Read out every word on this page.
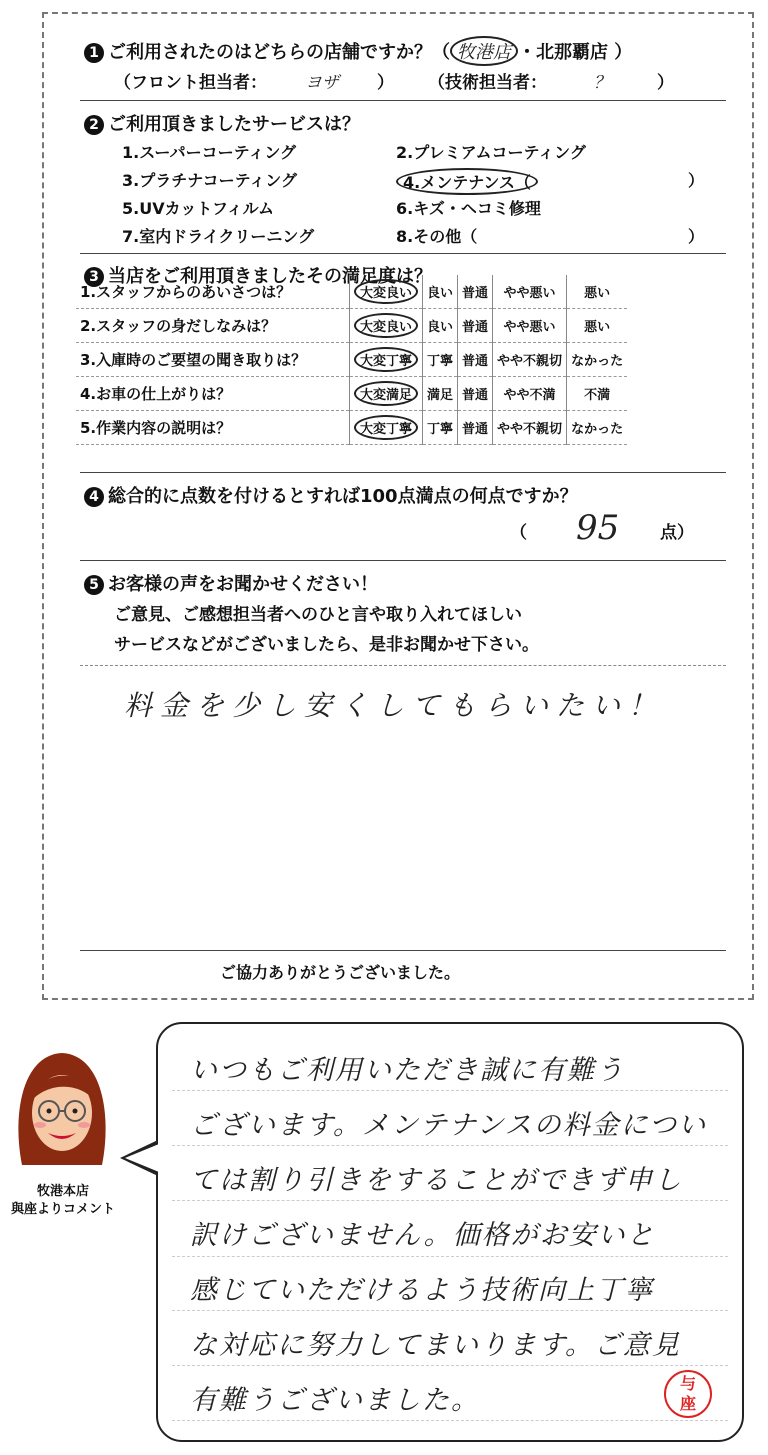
1 ご利用されたのはどちらの店舗ですか？（ 牧港店 ・北那覇店 ）
（フロント担当者： ヨザ ） （技術担当者：	？	）
2 ご利用頂きましたサービスは？
1.スーパーコーティング	2.プレミアムコーティング
3.プラチナコーティング	4.メンテナンス（	）
5.UVカットフィルム	6.キズ・ヘコミ修理
7.室内ドライクリーニング	8.その他（	）
3 当店をご利用頂きましたその満足度は？
1.スタッフからのあいさつは？	大変良い	良い	普通	やや悪い	悪い
2.スタッフの身だしなみは？	大変良い	良い	普通	やや悪い	悪い
3.入庫時のご要望の聞き取りは？	大変丁寧	丁寧	普通	やや不親切	なかった
4.お車の仕上がりは？	大変満足	満足	普通	やや不満	不満
5.作業内容の説明は？	大変丁寧	丁寧	普通	やや不親切	なかった
4 総合的に点数を付けるとすれば100点満点の何点ですか？
（ 95 点）
5 お客様の声をお聞かせください！
ご意見、ご感想担当者へのひと言や取り入れてほしい
サービスなどがございましたら、是非お聞かせ下さい。
料金を少し安くしてもらいたい！
ご協力ありがとうございました。
牧港本店
與座よりコメント
いつもご利用いただき誠に有難う
ございます。メンテナンスの料金につい
ては割り引きをすることができず申し
訳けございません。価格がお安いと
感じていただけるよう技術向上丁寧
な対応に努力してまいります。ご意見
有難うございました。
与
座
